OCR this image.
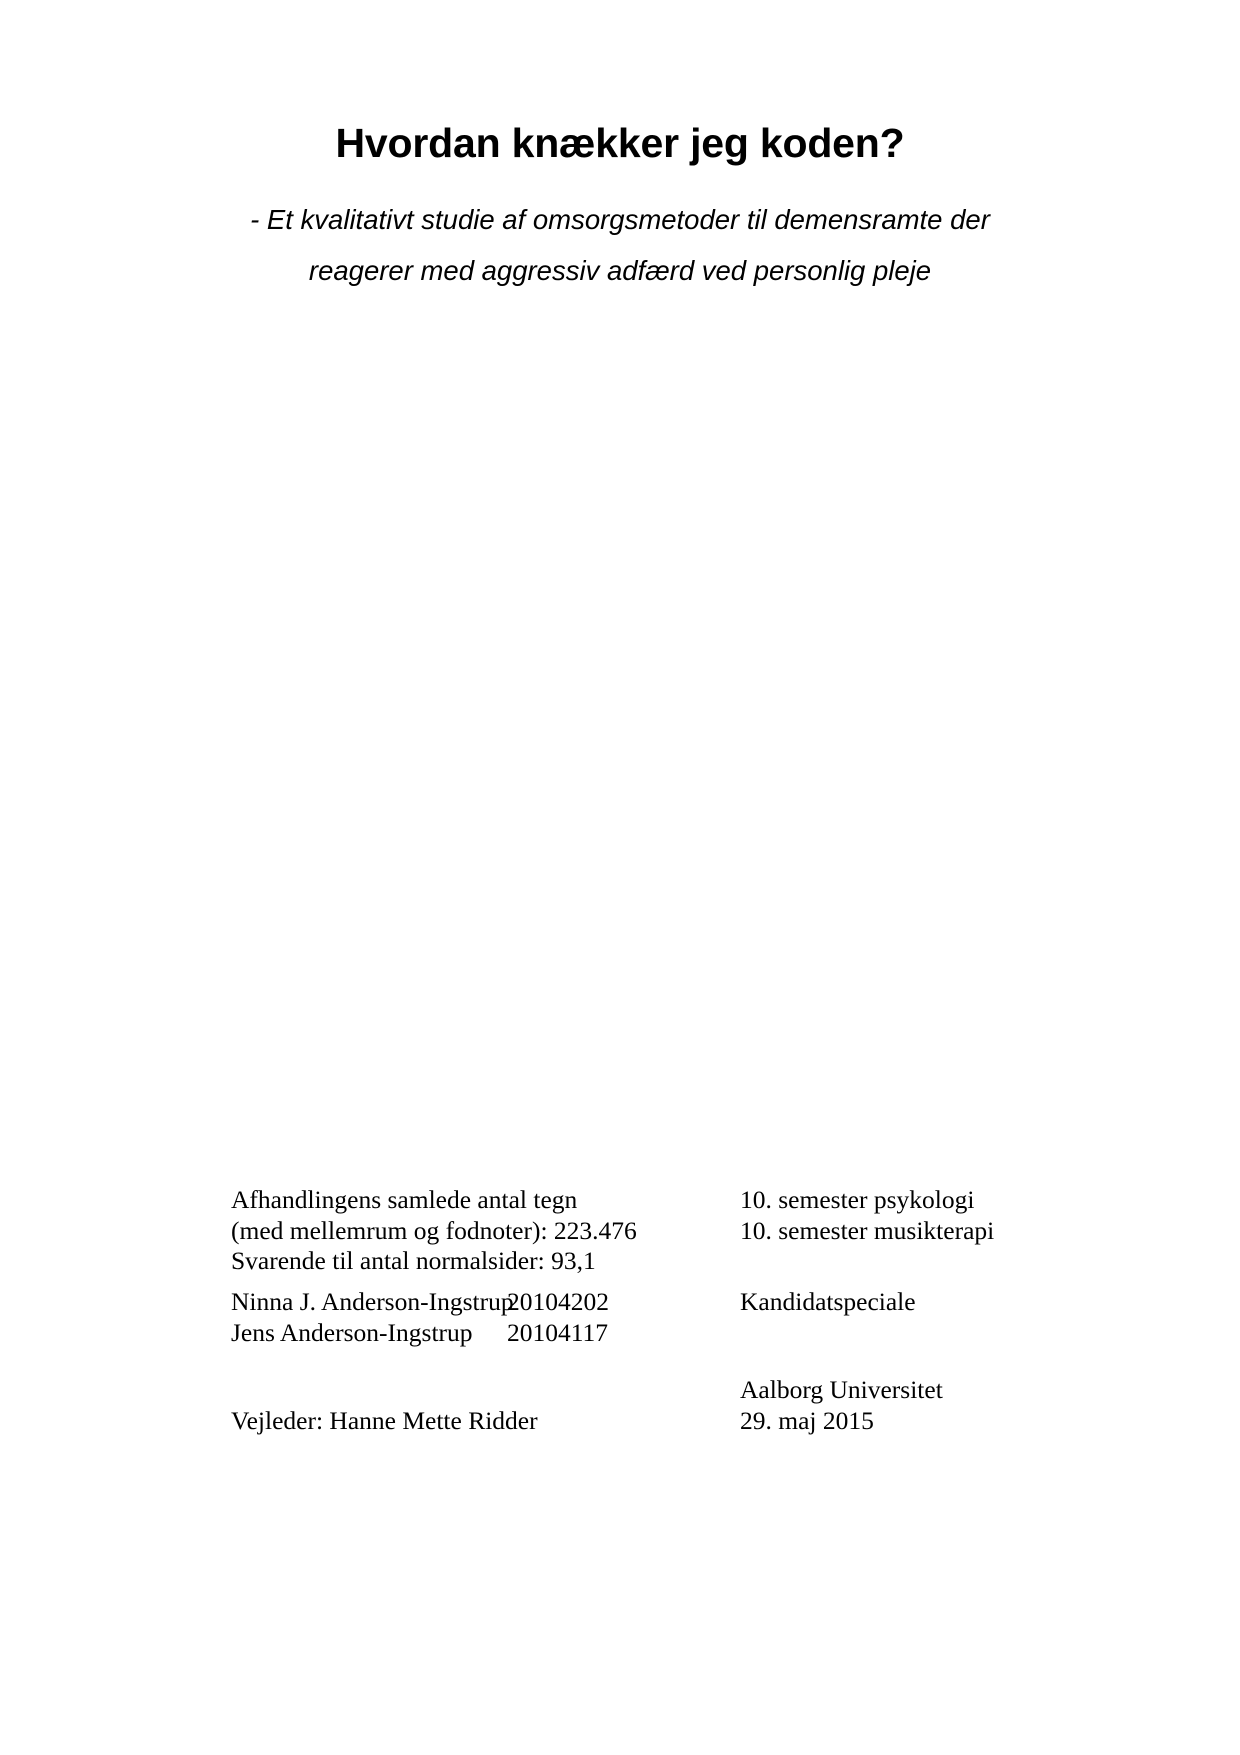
Hvordan knækker jeg koden?
- Et kvalitativt studie af omsorgsmetoder til demensramte der
reagerer med aggressiv adfærd ved personlig pleje
Afhandlingens samlede antal tegn
(med mellemrum og fodnoter): 223.476
Svarende til antal normalsider: 93,1
10. semester psykologi
10. semester musikterapi
Ninna J. Anderson-Ingstrup
20104202
Jens Anderson-Ingstrup	20104117
Kandidatspeciale
Aalborg Universitet
29. maj 2015
Vejleder: Hanne Mette Ridder
